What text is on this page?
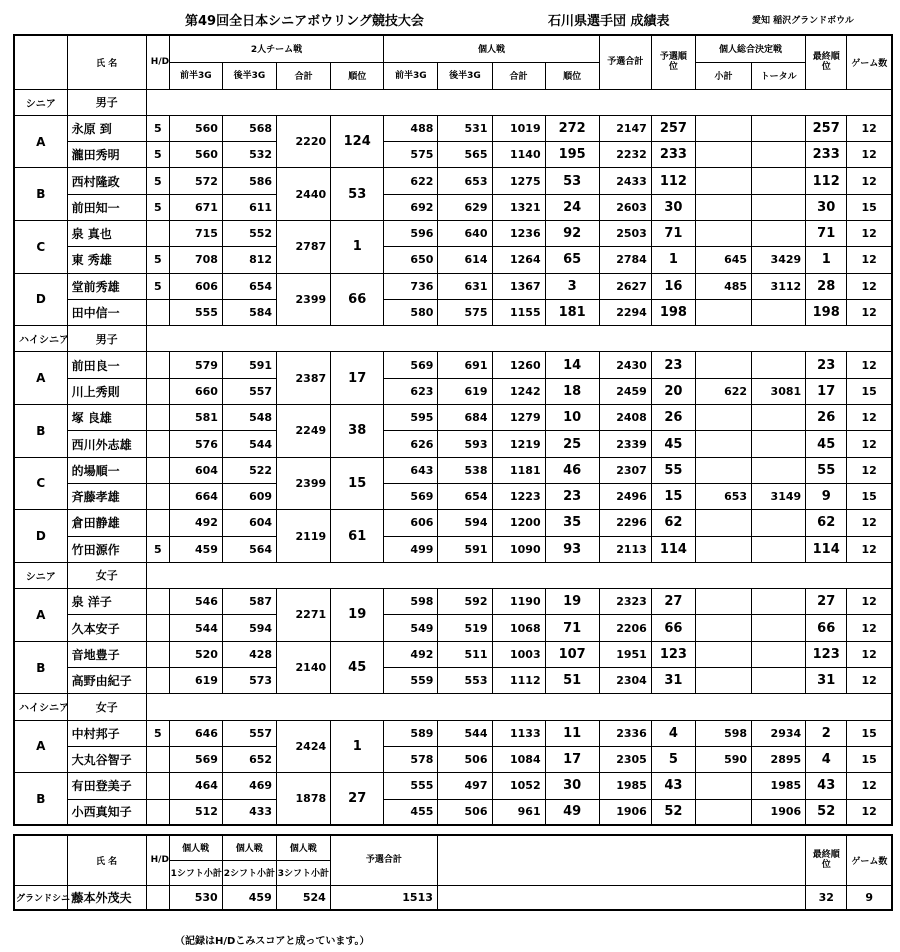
第49回全日本シニアボウリング競技大会	石川県選手団 成績表	愛知 稲沢グランドボウル
	氏 名	H/D	2人チーム戦				個人戦				予選合計	予選順位	個人総合決定戦		最終順位	ゲーム数
			前半3G	後半3G	合計	順位	前半3G	後半3G	合計	順位			小計	トータル		
シニア	男子															
A	永原 到	5	560	568	2220	124	488	531	1019	272	2147	257			257	12
	瀧田秀明	5	560	532			575	565	1140	195	2232	233			233	12
B	西村隆政	5	572	586	2440	53	622	653	1275	53	2433	112			112	12
	前田知一	5	671	611			692	629	1321	24	2603	30			30	15
C	泉 真也		715	552	2787	1	596	640	1236	92	2503	71			71	12
	東 秀雄	5	708	812			650	614	1264	65	2784	1	645	3429	1	12
D	堂前秀雄	5	606	654	2399	66	736	631	1367	3	2627	16	485	3112	28	12
	田中信一		555	584			580	575	1155	181	2294	198			198	12
ハイシニア	男子															
A	前田良一		579	591	2387	17	569	691	1260	14	2430	23			23	12
	川上秀則		660	557			623	619	1242	18	2459	20	622	3081	17	15
B	塚 良雄		581	548	2249	38	595	684	1279	10	2408	26			26	12
	西川外志雄		576	544			626	593	1219	25	2339	45			45	12
C	的場順一		604	522	2399	15	643	538	1181	46	2307	55			55	12
	斉藤孝雄		664	609			569	654	1223	23	2496	15	653	3149	9	15
D	倉田静雄		492	604	2119	61	606	594	1200	35	2296	62			62	12
	竹田源作	5	459	564			499	591	1090	93	2113	114			114	12
シニア	女子															
A	泉 洋子		546	587	2271	19	598	592	1190	19	2323	27			27	12
	久本安子		544	594			549	519	1068	71	2206	66			66	12
B	音地豊子		520	428	2140	45	492	511	1003	107	1951	123			123	12
	高野由紀子		619	573			559	553	1112	51	2304	31			31	12
ハイシニア	女子															
A	中村邦子	5	646	557	2424	1	589	544	1133	11	2336	4	598	2934	2	15
	大丸谷智子		569	652			578	506	1084	17	2305	5	590	2895	4	15
B	有田登美子		464	469	1878	27	555	497	1052	30	1985	43		1985	43	12
	小西真知子		512	433			455	506	961	49	1906	52		1906	52	12
	氏 名	H/D	個人戦	個人戦	個人戦	予選合計		最終順位	ゲーム数
			1シフト小計	2シフト小計	3シフト小計				
グランドシニア	藤本外茂夫		530	459	524	1513		32	9
（記録はH/Dこみスコアと成っています。）
